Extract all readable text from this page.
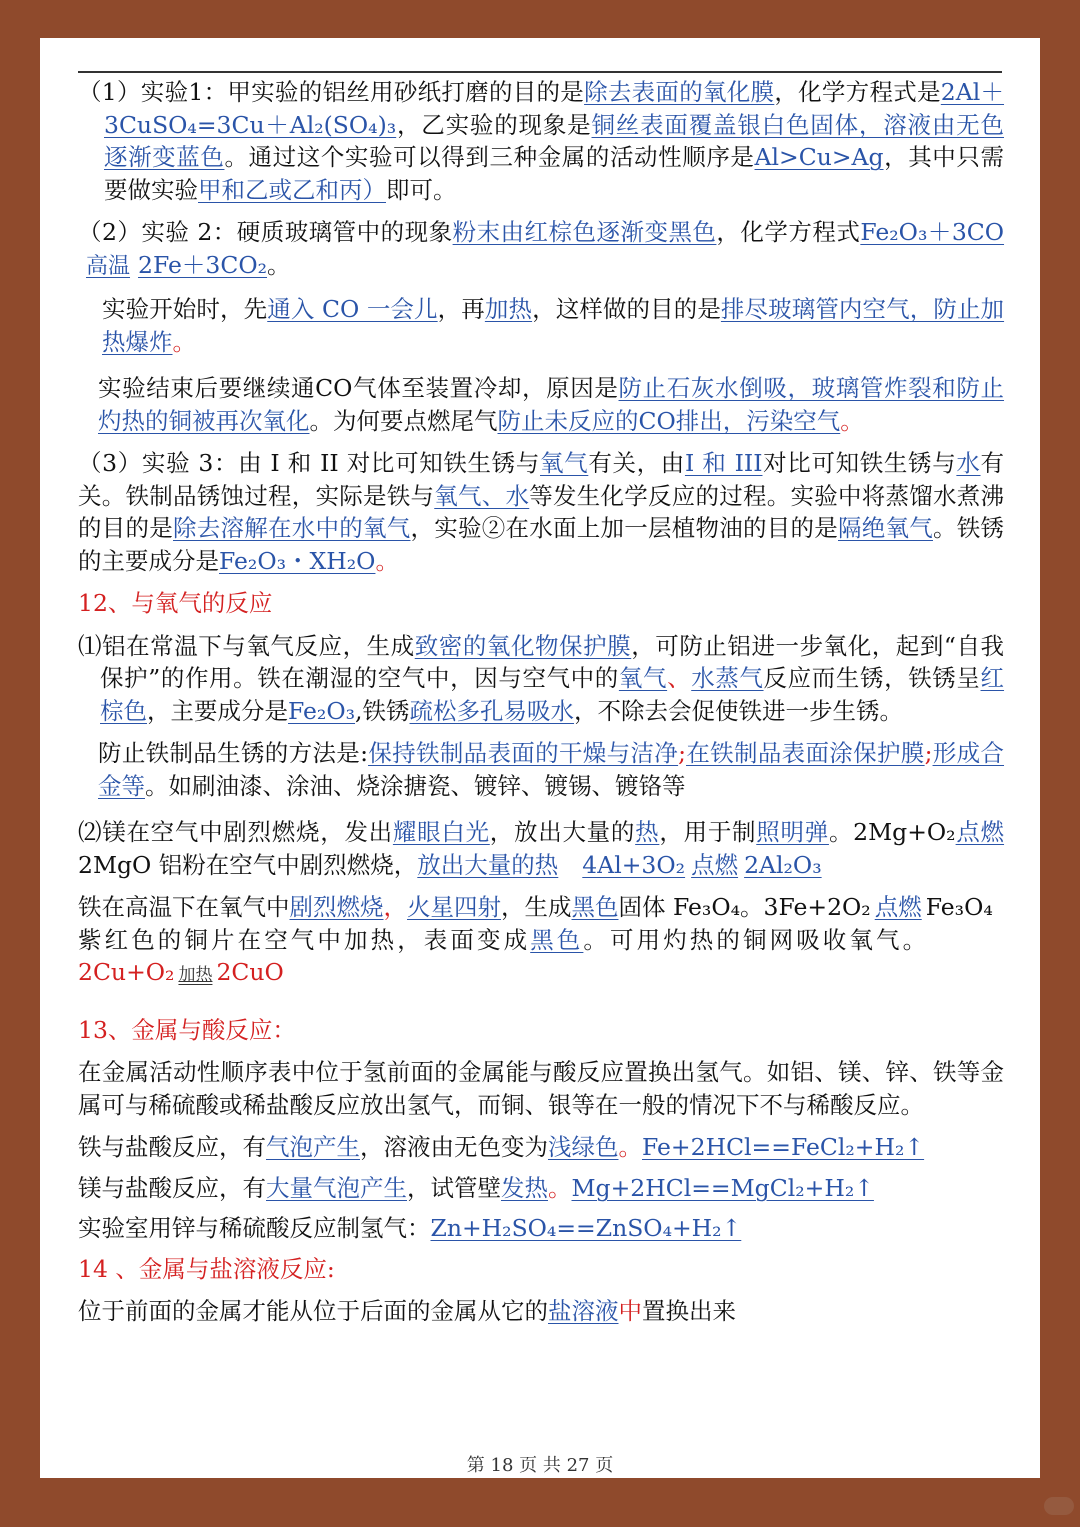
（1）实验1：甲实验的铝丝用砂纸打磨的目的是除去表面的氧化膜，化学方程式是2Al＋3CuSO₄=3Cu＋Al₂(SO₄)₃，乙实验的现象是铜丝表面覆盖银白色固体，溶液由无色逐渐变蓝色。通过这个实验可以得到三种金属的活动性顺序是Al>Cu>Ag，其中只需要做实验甲和乙或乙和丙）即可。

（2）实验 2：硬质玻璃管中的现象粉末由红棕色逐渐变黑色，化学方程式Fe₂O₃＋3CO高温 2Fe＋3CO₂。

实验开始时，先通入 CO 一会儿，再加热，这样做的目的是排尽玻璃管内空气，防止加热爆炸。

实验结束后要继续通CO气体至装置冷却，原因是防止石灰水倒吸，玻璃管炸裂和防止灼热的铜被再次氧化。为何要点燃尾气防止未反应的CO排出，污染空气。

（3）实验 3：由 I 和 II 对比可知铁生锈与氧气有关，由I 和 III对比可知铁生锈与水有关。铁制品锈蚀过程，实际是铁与氧气、水等发生化学反应的过程。实验中将蒸馏水煮沸的目的是除去溶解在水中的氧气，实验②在水面上加一层植物油的目的是隔绝氧气。铁锈的主要成分是Fe₂O₃・XH₂O。

12、与氧气的反应

⑴铝在常温下与氧气反应，生成致密的氧化物保护膜，可防止铝进一步氧化，起到“自我保护”的作用。铁在潮湿的空气中，因与空气中的氧气、水蒸气反应而生锈，铁锈呈红棕色，主要成分是Fe₂O₃,铁锈疏松多孔易吸水，不除去会促使铁进一步生锈。

防止铁制品生锈的方法是:保持铁制品表面的干燥与洁净;在铁制品表面涂保护膜;形成合金等。如刷油漆、涂油、烧涂搪瓷、镀锌、镀锡、镀铬等

⑵镁在空气中剧烈燃烧，发出耀眼白光，放出大量的热，用于制照明弹。2Mg+O₂点燃2MgO 铝粉在空气中剧烈燃烧，放出大量的热 4Al+3O₂ 点燃 2Al₂O₃

铁在高温下在氧气中剧烈燃烧，火星四射，生成黑色固体 Fe₃O₄。3Fe+2O₂ 点燃 Fe₃O₄

紫红色的铜片在空气中加热，表面变成黑色。可用灼热的铜网吸收氧气。

2Cu+O₂ 加热 2CuO

13、金属与酸反应：

在金属活动性顺序表中位于氢前面的金属能与酸反应置换出氢气。如铝、镁、锌、铁等金属可与稀硫酸或稀盐酸反应放出氢气，而铜、银等在一般的情况下不与稀酸反应。

铁与盐酸反应，有气泡产生，溶液由无色变为浅绿色。Fe+2HCl==FeCl₂+H₂↑

镁与盐酸反应，有大量气泡产生，试管壁发热。Mg+2HCl==MgCl₂+H₂↑

实验室用锌与稀硫酸反应制氢气：Zn+H₂SO₄==ZnSO₄+H₂↑

14 、金属与盐溶液反应:

位于前面的金属才能从位于后面的金属从它的盐溶液中置换出来

第 18 页 共 27 页
